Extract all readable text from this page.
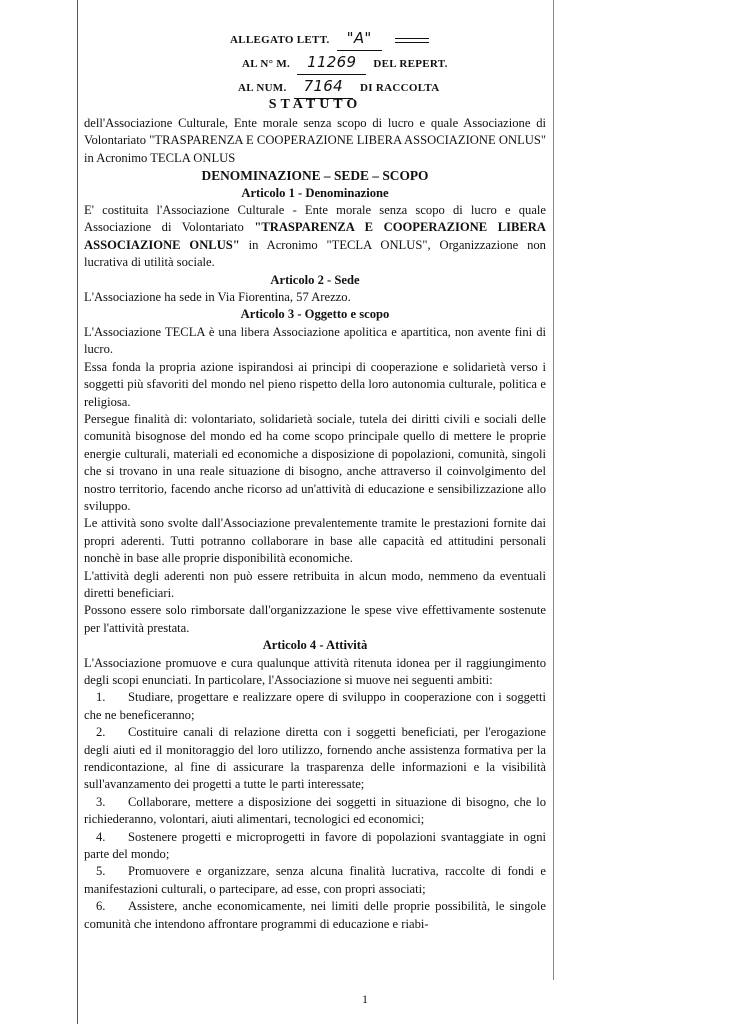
ALLEGATO LETT. "A"
AL N° M. 11269 DEL REPERT.
AL NUM. 7164 DI RACCOLTA
STATUTO

dell'Associazione Culturale, Ente morale senza scopo di lucro e quale Associazione di Volontariato "TRASPARENZA E COOPERAZIONE LIBERA ASSOCIAZIONE ONLUS" in Acronimo TECLA ONLUS

DENOMINAZIONE – SEDE – SCOPO
Articolo 1 - Denominazione

E' costituita l'Associazione Culturale - Ente morale senza scopo di lucro e quale Associazione di Volontariato "TRASPARENZA E COOPERAZIONE LIBERA ASSOCIAZIONE ONLUS" in Acronimo "TECLA ONLUS", Organizzazione non lucrativa di utilità sociale.

Articolo 2 - Sede

L'Associazione ha sede in Via Fiorentina, 57 Arezzo.

Articolo 3 - Oggetto e scopo

L'Associazione TECLA è una libera Associazione apolitica e apartitica, non avente fini di lucro.

Essa fonda la propria azione ispirandosi ai principi di cooperazione e solidarietà verso i soggetti più sfavoriti del mondo nel pieno rispetto della loro autonomia culturale, politica e religiosa.

Persegue finalità di: volontariato, solidarietà sociale, tutela dei diritti civili e sociali delle comunità bisognose del mondo ed ha come scopo principale quello di mettere le proprie energie culturali, materiali ed economiche a disposizione di popolazioni, comunità, singoli che si trovano in una reale situazione di bisogno, anche attraverso il coinvolgimento del nostro territorio, facendo anche ricorso ad un'attività di educazione e sensibilizzazione allo sviluppo.

Le attività sono svolte dall'Associazione prevalentemente tramite le prestazioni fornite dai propri aderenti. Tutti potranno collaborare in base alle capacità ed attitudini personali nonchè in base alle proprie disponibilità economiche.

L'attività degli aderenti non può essere retribuita in alcun modo, nemmeno da eventuali diretti beneficiari.

Possono essere solo rimborsate dall'organizzazione le spese vive effettivamente sostenute per l'attività prestata.

Articolo 4 - Attività

L'Associazione promuove e cura qualunque attività ritenuta idonea per il raggiungimento degli scopi enunciati. In particolare, l'Associazione si muove nei seguenti ambiti:

1. Studiare, progettare e realizzare opere di sviluppo in cooperazione con i soggetti che ne beneficeranno;

2. Costituire canali di relazione diretta con i soggetti beneficiati, per l'erogazione degli aiuti ed il monitoraggio del loro utilizzo, fornendo anche assistenza formativa per la rendicontazione, al fine di assicurare la trasparenza delle informazioni e la visibilità sull'avanzamento dei progetti a tutte le parti interessate;

3. Collaborare, mettere a disposizione dei soggetti in situazione di bisogno, che lo richiederanno, volontari, aiuti alimentari, tecnologici ed economici;

4. Sostenere progetti e microprogetti in favore di popolazioni svantaggiate in ogni parte del mondo;

5. Promuovere e organizzare, senza alcuna finalità lucrativa, raccolte di fondi e manifestazioni culturali, o partecipare, ad esse, con propri associati;

6. Assistere, anche economicamente, nei limiti delle proprie possibilità, le singole comunità che intendono affrontare programmi di educazione e riabi-

1
